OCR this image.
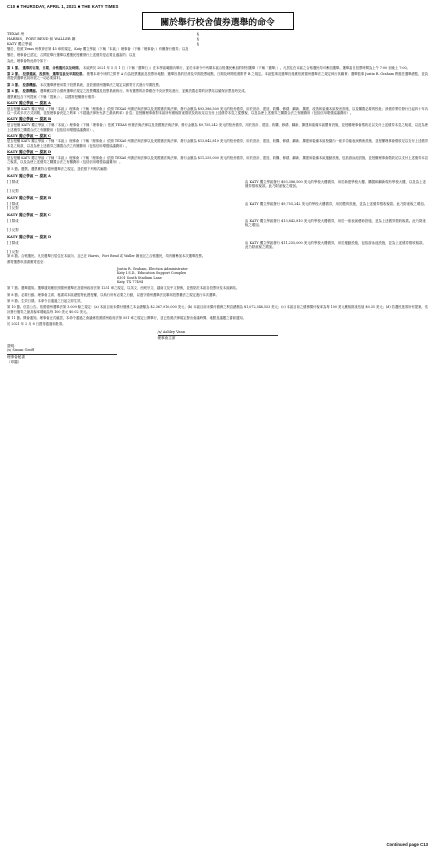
C10 ■ THURSDAY, APRIL 1, 2021 ■ THE KATY TIMES
關於舉行校舍債券選舉的命令
TEXAS 州	§
HARRIS、FORT BEND 和 WALLER 縣	§
KATY 獨立學區	§

鑒於，依照 Texas 州教育法第 45 章的規定，Katy 獨立學區（下稱「本區」）理事會（下稱「理事會」）有權發行債券；以及

鑒於，理事會已認定，召開並舉行選舉以獲選民授權發行上述債券是必要且適當的；以及

為此，理事會特此命令如下：

第 1 節。 選舉的召集、日期、合格選民以及時間。 本區將於 2021 年 5 月 1 日（下稱「選舉日」）在本學區範圍內舉行，並於本命令中列載本區合格選民參加的特別選舉（下稱「選舉」）。凡居住在本區之合格選民均可參加選舉。選舉當日投票時間為上午 7:00 至晚上 7:00。

第 2 節。 投票選區、投票所、選舉官員及早期投票。 簽署本命令所附之附件 A 內為投票選區及投票所地點；選舉官員的任命及早期投票地點、日期及時間依照附件 B 之規定。本區監事及選舉官員應依照德州選舉法之規定執行其職責；選舉監事 Justin R. Graham 將擔任選舉總監，並負責提供選舉官員所需之一切必要資料。

第 3 節。 投票機器。 本次選舉將使用電子投票系統，並依照德州選舉法之規定以郵寄方式進行早期投票。

第 4 節。 投票機器。 選舉應以符合德州選舉法規定之投票機器及投票系統執行。所有選票的計算應在中央計票站進行，並應設置必要的計票站以確保計票及時完成。

選票應包含下列提案（下稱「提案」），以獲准授權發行債券：

KATY 獨立學區 — 提案 A

是否授權 KATY 獨立學區（下稱「本區」）理事會（下稱「理事會」）依照 TEXAS 州憲法與法律以及美國憲法與法律，發行金額為 $93,386,500 美元的校舍債券，用於設計、建造、收購、修繕、翻新、擴建、改善和裝備本區校舍設施，以及購置必要的校址；該債券將於發行日起四十年內以一次或多次方式到期，並按理事會決定之利率（不超過法律所允許之最高利率）計息；並授權理事會對本區所有應稅財產徵收及收取足以支付上述債券本息之從價稅，以及為使上述債券之購置合法之有關費用（包括信用增強協議費用）。

KATY 獨立學區 — 提案 B

是否授權 KATY 獨立學區（下稱「本區」）理事會（下稱「理事會」）依照 TEXAS 州憲法與法律以及美國憲法與法律，發行金額為 $9,755,242 美元的校舍債券，用於設計、建造、收購、修繕、翻新、擴建和裝備本區體育設施，並授權理事會徵收足以支付上述債券本息之稅款，以及為使上述債券之購置合法之有關費用（包括信用增強協議費用）。

KATY 獨立學區 — 提案 C

是否授權 KATY 獨立學區（下稱「本區」）理事會（下稱「理事會」）依照 TEXAS 州憲法與法律以及美國憲法與法律，發行金額為 $13,842,810 美元的校舍債券，用於設計、建造、收購、修繕、翻新、擴建和裝備本區校園內一座多功能表演藝術設施，並授權理事會徵收足以支付上述債券本息之稅款，以及為使上述債券之購置合法之有關費用（包括信用增強協議費用）。

KATY 獨立學區 — 提案 D

是否授權 KATY 獨立學區（下稱「本區」）理事會（下稱「理事會」）依照 TEXAS 州憲法與法律以及美國憲法與法律，發行金額為 $11,255,000 美元的校舍債券，用於設計、建造、收購、修繕、翻新、擴建和裝備本區運動設施，包括游泳池設施，並授權理事會徵收足以支付上述債券本息之稅款，以及為使上述債券之購置合法之有關費用（包括信用增強協議費用）。

第 5 節。選票。選票應符合德州選舉法之規定，並依照下列格式編製：

KATY 獨立學區 — 提案 A
[ ] 贊成	由 KATY 獨立學區發行 $93,386,500 美元的學校大樓債券，用於新建學校大樓、購置和翻新現有學校大樓，以及為上述債券徵收稅款。此乃財產稅之增加。
[ ] 反對
KATY 獨立學區 — 提案 B
[ ] 贊成	由 KATY 獨立學區發行 $9,755,242 美元的學校大樓債券，用於體育設施，並為上述債券徵收稅款。此乃財產稅之增加。
[ ] 反對
KATY 獨立學區 — 提案 C
[ ] 贊成	由 KATY 獨立學區發行 $13,842,810 美元的學校大樓債券，用於一座表演藝術設施，並為上述債券徵收稅款。此乃財產稅之增加。
[ ] 反對
KATY 獨立學區 — 提案 D
[ ] 贊成	由 KATY 獨立學區發行 $11,255,000 美元的學校大樓債券，用於運動設施，包括游泳池設施，並為上述債券徵收稅款。此乃財產稅之增加。
[ ] 反對

第 6 節。合格選民。凡於選舉日居住在本區內、且已在 Harris、Fort Bend 或 Waller 縣登記之合格選民，均有權參加本次選舉投票。

郵寄選票申請書應寄送至：

Justin R. Graham, Election Administrator
Katy I.S.D., Education Support Complex
6301 South Stadium Lane
Katy, TX 77494

第 7 節。選舉通知。選舉通知應依照德州選舉法及德州政府法第 1251 章之規定，以英文、西班牙文、越南文及中文發佈，並張貼於本區各投票所及本區網站。

第 8 節。必要行動。理事會主席、秘書或本區總監特此獲授權，以執行所有必要之行動，以遵守德州選舉法及聯邦投票權法之規定進行本次選舉。

第 9 節。生效日期。本命令自通過之日起立即生效。

第 10 節。信息公告。依照德州選舉法第 3.009 條之規定：(a) 本區目前未償付債務之本金總額為 $2,367,910,000 美元；(b) 本區目前未償付債務之利息總額為 $1,072,546,553 美元；(c) 本區目前之債務償付稅率為每 100 美元應稅財產估值 $0.35 美元；(d) 若選民批准所有提案，估計發行債券之最高稅率增幅為每 100 美元 $0.02 美元。

第 11 節。開會通知。理事會正式確認，本命令通過之會議係依照德州政府法第 551 章之規定公開舉行，並已依照法律規定發出會議時間、地點及議題之書面通知。

於 2021 年 2 月 8 日獲得通過和批准。

/s/ Ashley Vann
理事會主席
證明：
/s/ Susan Groff
理事會秘書
（印鑑）
Continued page C13
